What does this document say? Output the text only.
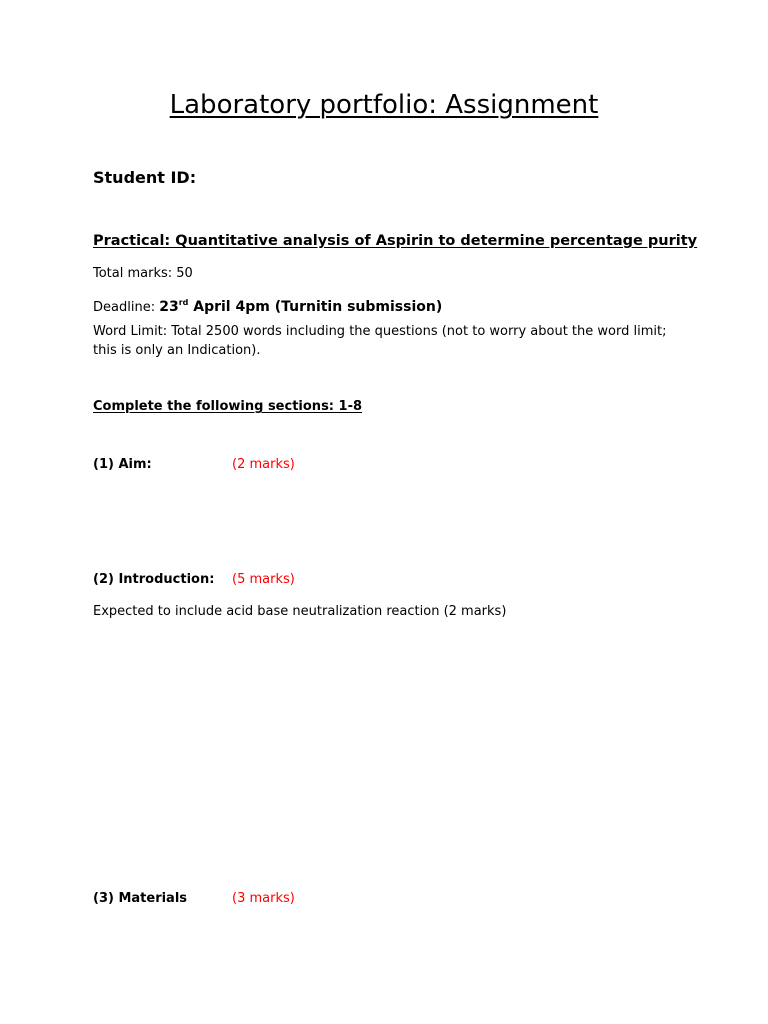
Laboratory portfolio: Assignment
Student ID:
Practical: Quantitative analysis of Aspirin to determine percentage purity
Total marks: 50
Deadline: 23rd April 4pm (Turnitin submission)
Word Limit: Total 2500 words including the questions (not to worry about the word limit; this is only an Indication).
Complete the following sections: 1-8
(1) Aim:	(2 marks)
(2) Introduction: (5 marks)
Expected to include acid base neutralization reaction (2 marks)
(3) Materials	(3 marks)
